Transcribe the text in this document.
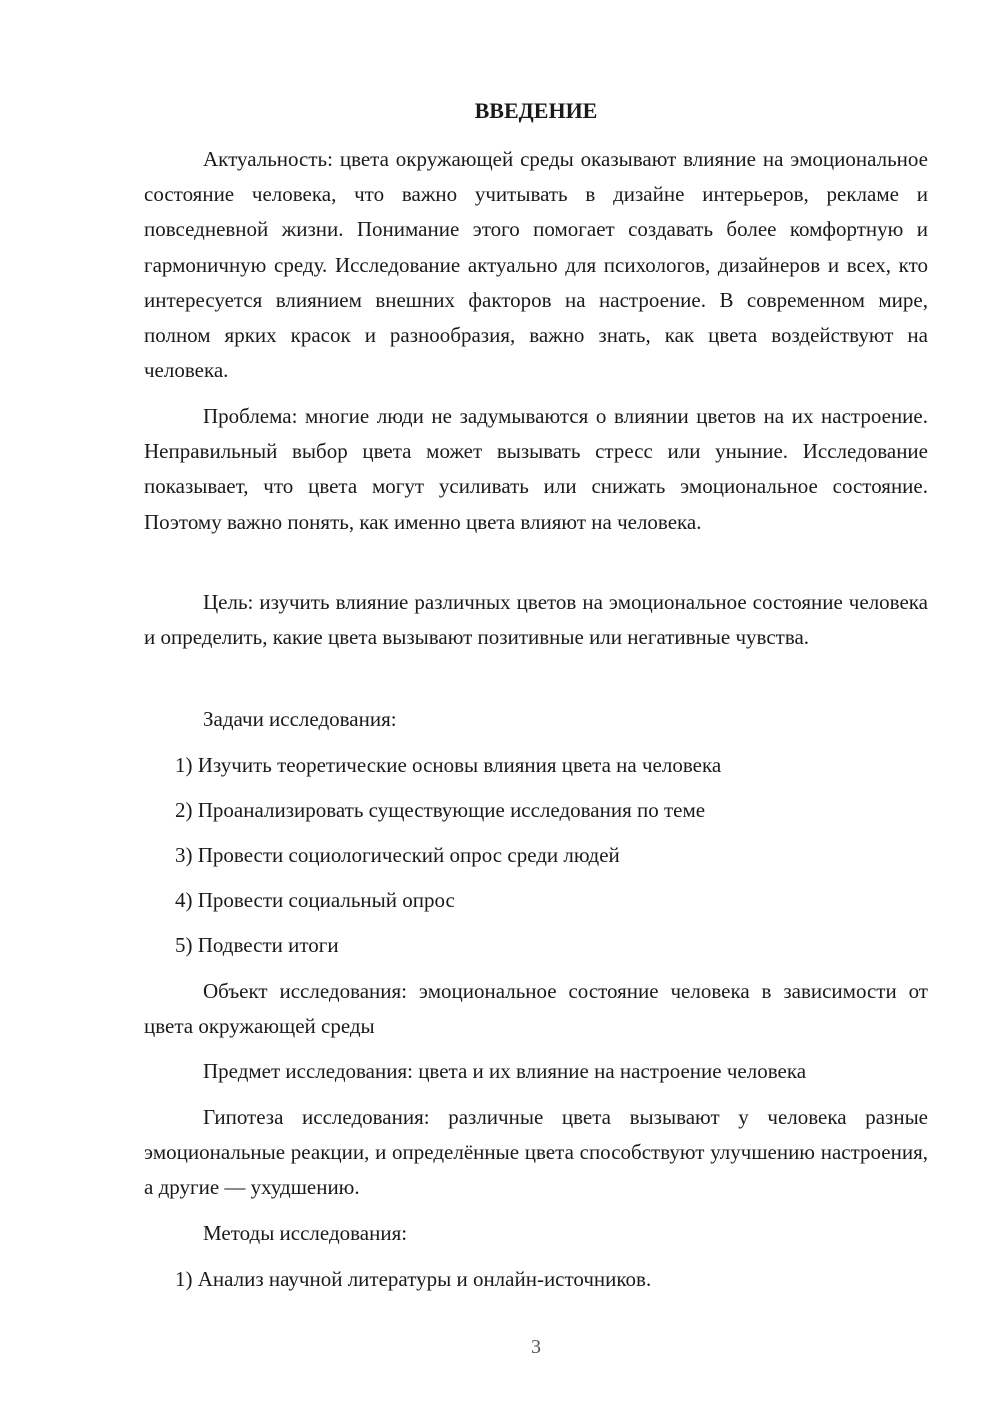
ВВЕДЕНИЕ

Актуальность: цвета окружающей среды оказывают влияние на эмоциональное состояние человека, что важно учитывать в дизайне интерьеров, рекламе и повседневной жизни. Понимание этого помогает создавать более комфортную и гармоничную среду. Исследование актуально для психологов, дизайнеров и всех, кто интересуется влиянием внешних факторов на настроение. В современном мире, полном ярких красок и разнообразия, важно знать, как цвета воздействуют на человека.

Проблема: многие люди не задумываются о влиянии цветов на их настроение. Неправильный выбор цвета может вызывать стресс или уныние. Исследование показывает, что цвета могут усиливать или снижать эмоциональное состояние. Поэтому важно понять, как именно цвета влияют на человека.

Цель: изучить влияние различных цветов на эмоциональное состояние человека и определить, какие цвета вызывают позитивные или негативные чувства.

Задачи исследования:

1) Изучить теоретические основы влияния цвета на человека

2) Проанализировать существующие исследования по теме

3) Провести социологический опрос среди людей

4) Провести социальный опрос

5) Подвести итоги

Объект исследования: эмоциональное состояние человека в зависимости от цвета окружающей среды

Предмет исследования: цвета и их влияние на настроение человека

Гипотеза исследования: различные цвета вызывают у человека разные эмоциональные реакции, и определённые цвета способствуют улучшению настроения, а другие — ухудшению.

Методы исследования:

1) Анализ научной литературы и онлайн-источников.

3
